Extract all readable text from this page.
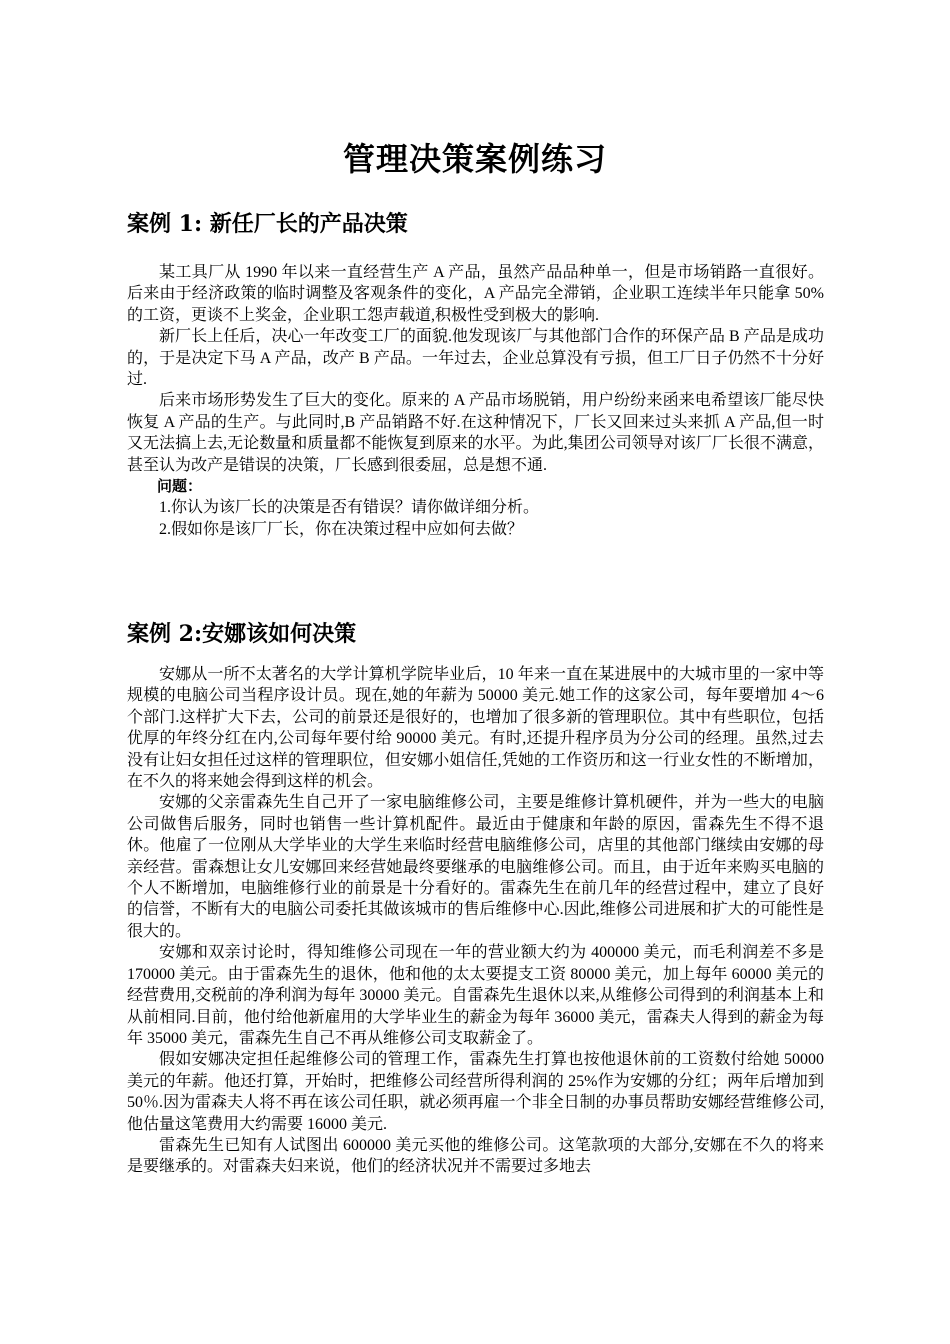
管理决策案例练习
案例 1: 新任厂长的产品决策

某工具厂从 1990 年以来一直经营生产 A 产品，虽然产品品种单一，但是市场销路一直很好。后来由于经济政策的临时调整及客观条件的变化，A 产品完全滞销，企业职工连续半年只能拿 50%的工资，更谈不上奖金，企业职工怨声载道,积极性受到极大的影响.

新厂长上任后，决心一年改变工厂的面貌.他发现该厂与其他部门合作的环保产品 B 产品是成功的，于是决定下马 A 产品，改产 B 产品。一年过去，企业总算没有亏损，但工厂日子仍然不十分好过.

后来市场形势发生了巨大的变化。原来的 A 产品市场脱销，用户纷纷来函来电希望该厂能尽快恢复 A 产品的生产。与此同时,B 产品销路不好.在这种情况下，厂长又回来过头来抓 A 产品,但一时又无法搞上去,无论数量和质量都不能恢复到原来的水平。为此,集团公司领导对该厂厂长很不满意，甚至认为改产是错误的决策，厂长感到很委屈，总是想不通.

问题：
1.你认为该厂长的决策是否有错误？请你做详细分析。
2.假如你是该厂厂长，你在决策过程中应如何去做？
案例 2:安娜该如何决策

安娜从一所不太著名的大学计算机学院毕业后，10 年来一直在某进展中的大城市里的一家中等规模的电脑公司当程序设计员。现在,她的年薪为 50000 美元.她工作的这家公司，每年要增加 4～6 个部门.这样扩大下去，公司的前景还是很好的，也增加了很多新的管理职位。其中有些职位，包括优厚的年终分红在内,公司每年要付给 90000 美元。有时,还提升程序员为分公司的经理。虽然,过去没有让妇女担任过这样的管理职位，但安娜小姐信任,凭她的工作资历和这一行业女性的不断增加，在不久的将来她会得到这样的机会。

安娜的父亲雷森先生自己开了一家电脑维修公司，主要是维修计算机硬件，并为一些大的电脑公司做售后服务，同时也销售一些计算机配件。最近由于健康和年龄的原因，雷森先生不得不退休。他雇了一位刚从大学毕业的大学生来临时经营电脑维修公司，店里的其他部门继续由安娜的母亲经营。雷森想让女儿安娜回来经营她最终要继承的电脑维修公司。而且，由于近年来购买电脑的个人不断增加，电脑维修行业的前景是十分看好的。雷森先生在前几年的经营过程中，建立了良好的信誉，不断有大的电脑公司委托其做该城市的售后维修中心.因此,维修公司进展和扩大的可能性是很大的。

安娜和双亲讨论时，得知维修公司现在一年的营业额大约为 400000 美元，而毛利润差不多是 170000 美元。由于雷森先生的退休，他和他的太太要提支工资 80000 美元，加上每年 60000 美元的经营费用,交税前的净利润为每年 30000 美元。自雷森先生退休以来,从维修公司得到的利润基本上和从前相同.目前，他付给他新雇用的大学毕业生的薪金为每年 36000 美元，雷森夫人得到的薪金为每年 35000 美元，雷森先生自己不再从维修公司支取薪金了。

假如安娜决定担任起维修公司的管理工作，雷森先生打算也按他退休前的工资数付给她 50000 美元的年薪。他还打算，开始时，把维修公司经营所得利润的 25%作为安娜的分红；两年后增加到 50％.因为雷森夫人将不再在该公司任职，就必须再雇一个非全日制的办事员帮助安娜经营维修公司,他估量这笔费用大约需要 16000 美元.

雷森先生已知有人试图出 600000 美元买他的维修公司。这笔款项的大部分,安娜在不久的将来是要继承的。对雷森夫妇来说，他们的经济状况并不需要过多地去
